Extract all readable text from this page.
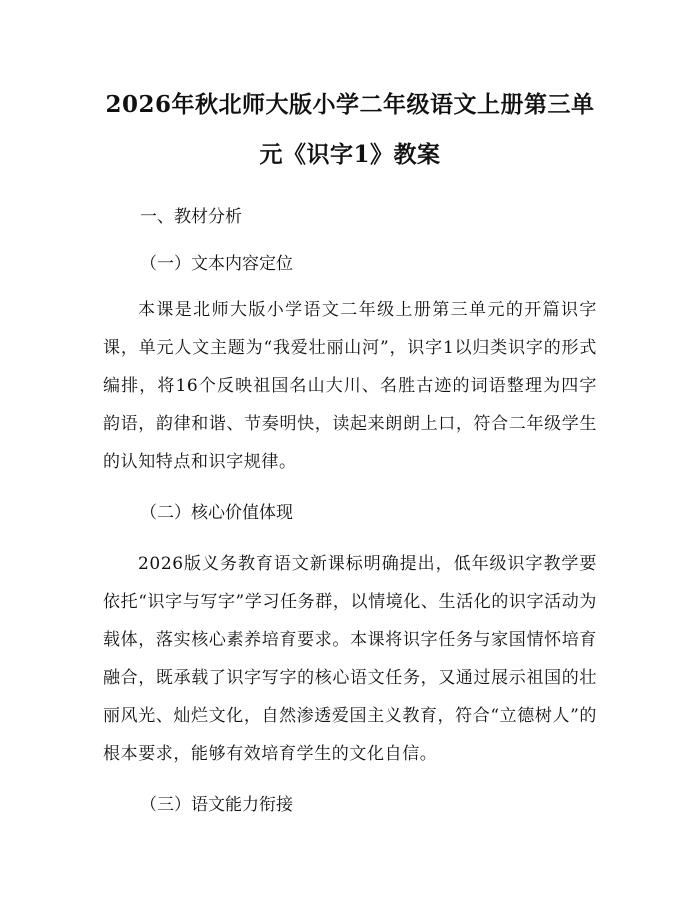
2026年秋北师大版小学二年级语文上册第三单元《识字1》教案

一、教材分析

（一）文本内容定位

本课是北师大版小学语文二年级上册第三单元的开篇识字课，单元人文主题为“我爱壮丽山河”，识字1以归类识字的形式编排，将16个反映祖国名山大川、名胜古迹的词语整理为四字韵语，韵律和谐、节奏明快，读起来朗朗上口，符合二年级学生的认知特点和识字规律。

（二）核心价值体现

2026版义务教育语文新课标明确提出，低年级识字教学要依托“识字与写字”学习任务群，以情境化、生活化的识字活动为载体，落实核心素养培育要求。本课将识字任务与家国情怀培育融合，既承载了识字写字的核心语文任务，又通过展示祖国的壮丽风光、灿烂文化，自然渗透爱国主义教育，符合“立德树人”的根本要求，能够有效培育学生的文化自信。

（三）语文能力衔接
